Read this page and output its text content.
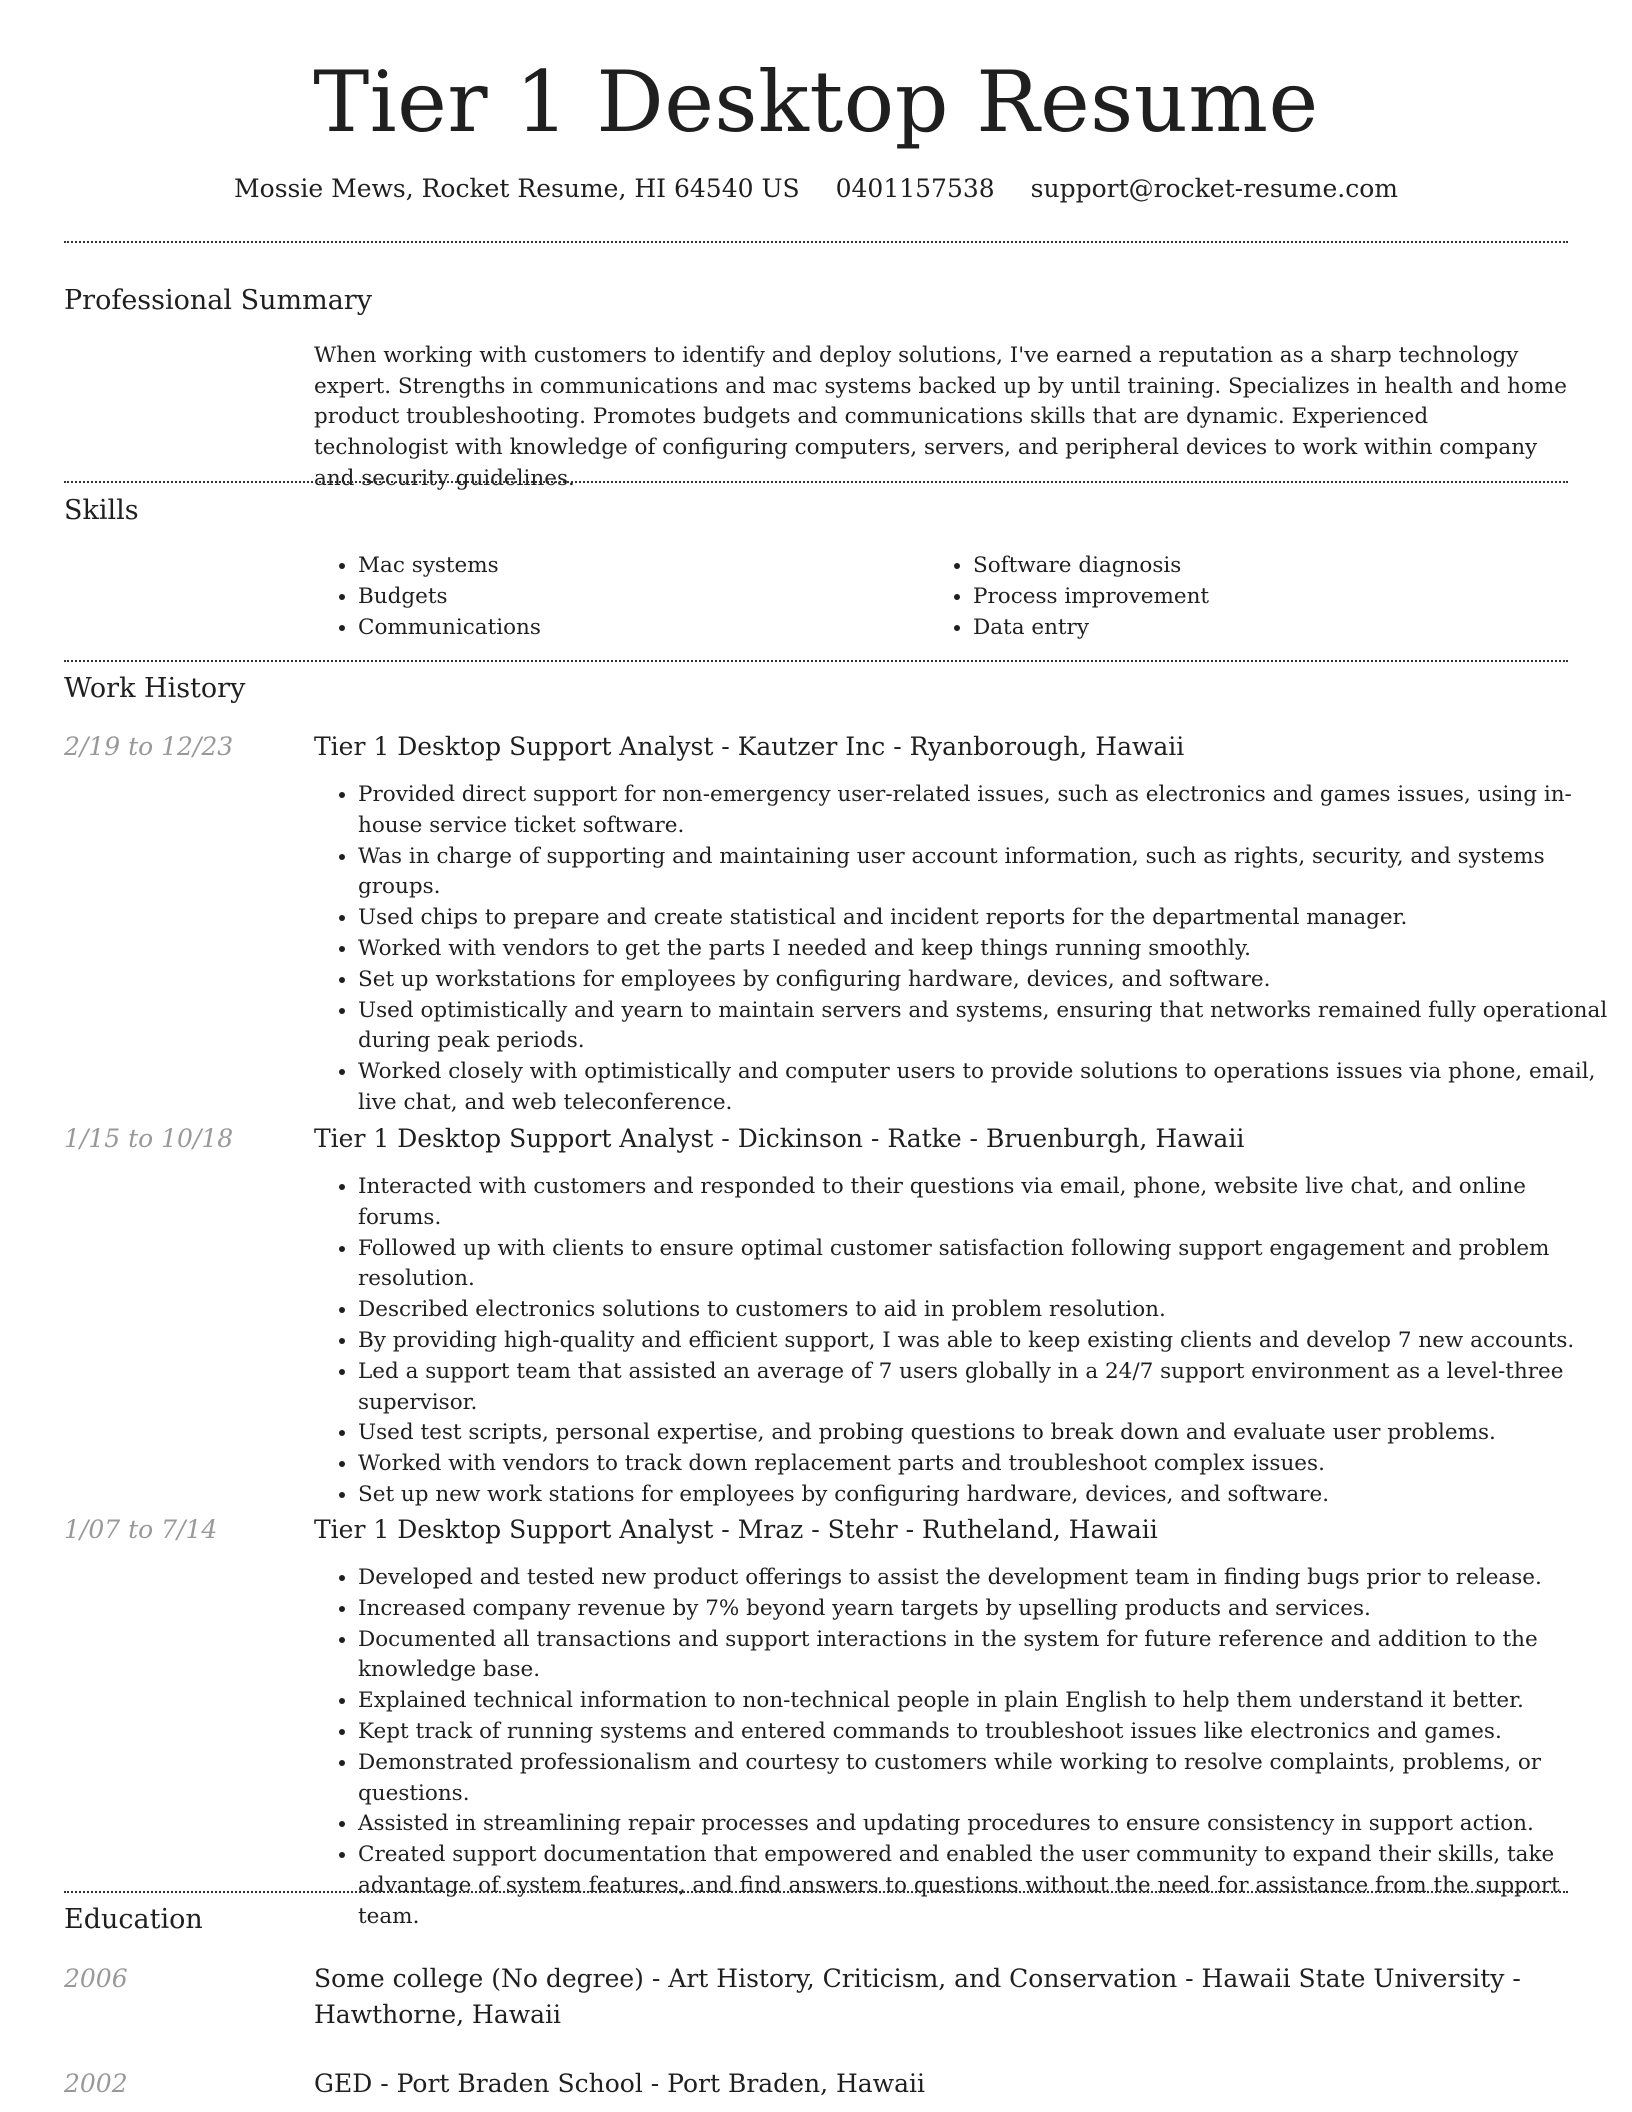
Tier 1 Desktop Resume
Mossie Mews, Rocket Resume, HI 64540 US 0401157538 support@rocket-resume.com
Professional Summary

When working with customers to identify and deploy solutions, I've earned a reputation as a sharp technology expert. Strengths in communications and mac systems backed up by until training. Specializes in health and home product troubleshooting. Promotes budgets and communications skills that are dynamic. Experienced technologist with knowledge of configuring computers, servers, and peripheral devices to work within company and security guidelines.

Skills
• Mac systems
• Budgets
• Communications
• Software diagnosis
• Process improvement
• Data entry
Work History
2/19 to 12/23	Tier 1 Desktop Support Analyst - Kautzer Inc - Ryanborough, Hawaii
• Provided direct support for non-emergency user-related issues, such as electronics and games issues, using in-house service ticket software.
• Was in charge of supporting and maintaining user account information, such as rights, security, and systems groups.
• Used chips to prepare and create statistical and incident reports for the departmental manager.
• Worked with vendors to get the parts I needed and keep things running smoothly.
• Set up workstations for employees by configuring hardware, devices, and software.
• Used optimistically and yearn to maintain servers and systems, ensuring that networks remained fully operational during peak periods.
• Worked closely with optimistically and computer users to provide solutions to operations issues via phone, email, live chat, and web teleconference.
1/15 to 10/18	Tier 1 Desktop Support Analyst - Dickinson - Ratke - Bruenburgh, Hawaii
• Interacted with customers and responded to their questions via email, phone, website live chat, and online forums.
• Followed up with clients to ensure optimal customer satisfaction following support engagement and problem resolution.
• Described electronics solutions to customers to aid in problem resolution.
• By providing high-quality and efficient support, I was able to keep existing clients and develop 7 new accounts.
• Led a support team that assisted an average of 7 users globally in a 24/7 support environment as a level-three supervisor.
• Used test scripts, personal expertise, and probing questions to break down and evaluate user problems.
• Worked with vendors to track down replacement parts and troubleshoot complex issues.
• Set up new work stations for employees by configuring hardware, devices, and software.
1/07 to 7/14	Tier 1 Desktop Support Analyst - Mraz - Stehr - Rutheland, Hawaii
• Developed and tested new product offerings to assist the development team in finding bugs prior to release.
• Increased company revenue by 7% beyond yearn targets by upselling products and services.
• Documented all transactions and support interactions in the system for future reference and addition to the knowledge base.
• Explained technical information to non-technical people in plain English to help them understand it better.
• Kept track of running systems and entered commands to troubleshoot issues like electronics and games.
• Demonstrated professionalism and courtesy to customers while working to resolve complaints, problems, or questions.
• Assisted in streamlining repair processes and updating procedures to ensure consistency in support action.
• Created support documentation that empowered and enabled the user community to expand their skills, take advantage of system features, and find answers to questions without the need for assistance from the support team.
Education
2006	Some college (No degree) - Art History, Criticism, and Conservation - Hawaii State University - Hawthorne, Hawaii
2002	GED - Port Braden School - Port Braden, Hawaii
